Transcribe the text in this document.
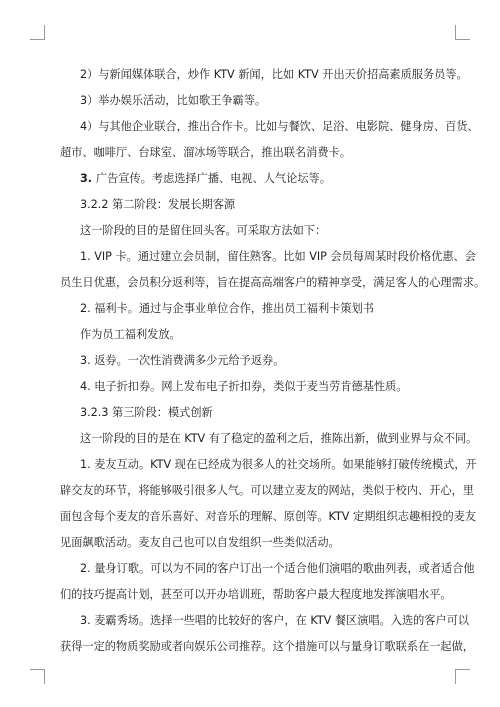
2）与新闻媒体联合，炒作 KTV 新闻，比如 KTV 开出天价招高素质服务员等。

3）举办娱乐活动，比如歌王争霸等。

4）与其他企业联合，推出合作卡。比如与餐饮、足浴、电影院、健身房、百货、

超市、咖啡厅、台球室、溜冰场等联合，推出联名消费卡。

3. 广告宣传。考虑选择广播、电视、人气论坛等。

3.2.2 第二阶段：发展长期客源

这一阶段的目的是留住回头客。可采取方法如下：

1. VIP 卡。通过建立会员制，留住熟客。比如 VIP 会员每周某时段价格优惠、会

员生日优惠，会员积分返利等，旨在提高高端客户的精神享受，满足客人的心理需求。

2. 福利卡。通过与企事业单位合作，推出员工福利卡策划书

作为员工福利发放。

3. 返券。一次性消费满多少元给予返券。

4. 电子折扣券。网上发布电子折扣券，类似于麦当劳肯德基性质。

3.2.3 第三阶段：模式创新

这一阶段的目的是在 KTV 有了稳定的盈利之后，推陈出新，做到业界与众不同。

1. 麦友互动。KTV 现在已经成为很多人的社交场所。如果能够打破传统模式，开

辟交友的环节，将能够吸引很多人气。可以建立麦友的网站，类似于校内、开心，里

面包含每个麦友的音乐喜好、对音乐的理解、原创等。KTV 定期组织志趣相投的麦友

见面飙歌活动。麦友自己也可以自发组织一些类似活动。

2. 量身订歌。可以为不同的客户订出一个适合他们演唱的歌曲列表，或者适合他

们的技巧提高计划，甚至可以开办培训班，帮助客户最大程度地发挥演唱水平。

3. 麦霸秀场。选择一些唱的比较好的客户，在 KTV 餐区演唱。入选的客户可以

获得一定的物质奖励或者向娱乐公司推荐。这个措施可以与量身订歌联系在一起做，
